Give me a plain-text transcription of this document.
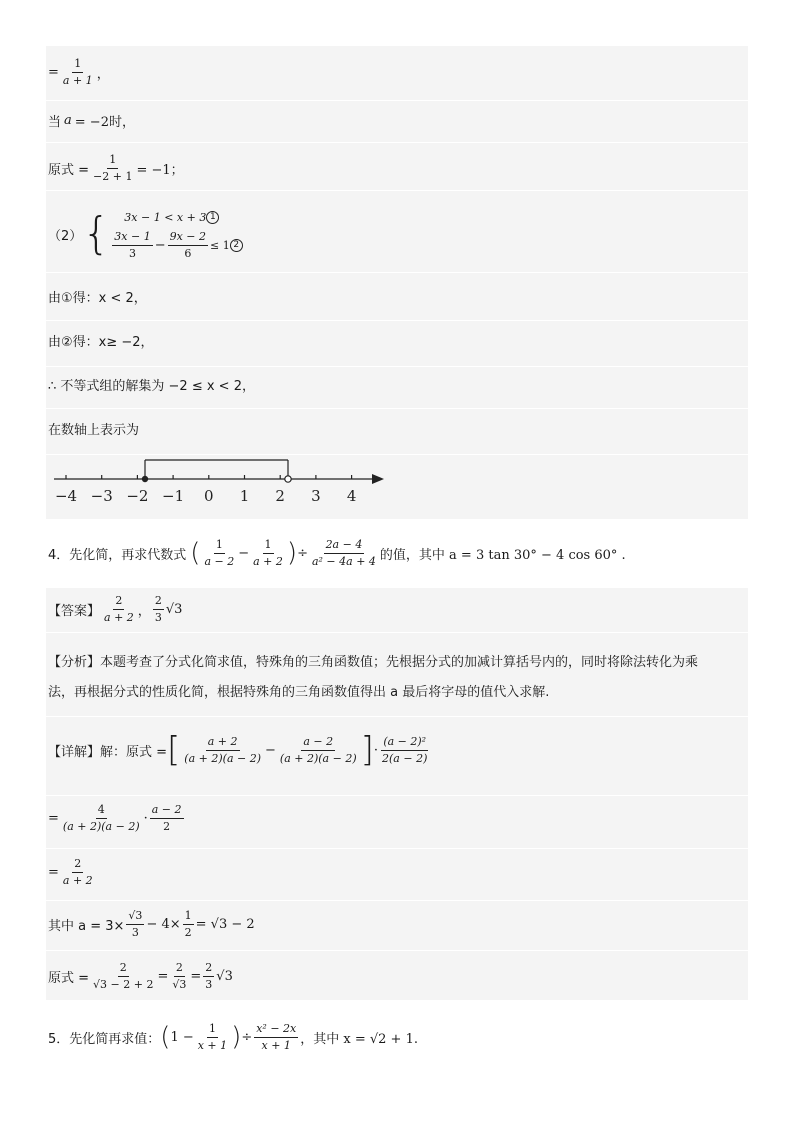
= $\frac{1}{a + 1}$ ，
当 a = −2时，
原式 = $\frac{1}{-2 + 1} = -1$；
（2） { 3x − 1 < x + 3 1
$\frac{3x - 1}{3} - \frac{9x - 2}{6} \le 1$ 2
由①得：x < 2，
由②得：x≥ −2，
∴ 不等式组的解集为 −2 ≤ x < 2，
在数轴上表示为
−4 −3 −2 −1 0 1 2 3 4
4．先化简，再求代数式 ( $\frac{1}{a - 2} - \frac{1}{a + 2}$ ) ÷ $\frac{2a - 4}{\text{a² − 4a + 4}}$ 的值，其中 a = 3 tan 30° − 4 cos 60° .
【答案】 $\frac{2}{a + 2}$ ， $\frac{2}{3} √3$
【分析】本题考查了分式化简求值，特殊角的三角函数值；先根据分式的加减计算括号内的，同时将除法转化为乘
法，再根据分式的性质化简，根据特殊角的三角函数值得出 a 最后将字母的值代入求解.
【详解】解：原式 = [ $\frac{a + 2}{(a + 2)(a - 2)} - \frac{a - 2}{(a + 2)(a - 2)}$ ] · $\frac{\text{(a − 2)²}}{2(a - 2)}$
= $\frac{4}{(a + 2)(a - 2)} \cdot \frac{a - 2}{2}$
= $\frac{2}{a + 2}$
其中 $a = 3\times \frac{√3}{3} - 4\times \frac{1}{2} = √3 - 2$
原式 = $\frac{2}{√3 - 2 + 2} = \frac{2}{√3} = \frac{2}{3} √3$
5．先化简再求值： ( $1 - \frac{1}{x + 1}$ ) ÷ $\frac{\text{x² − 2x}}{x + 1}$ ，其中 x = √2 + 1.
